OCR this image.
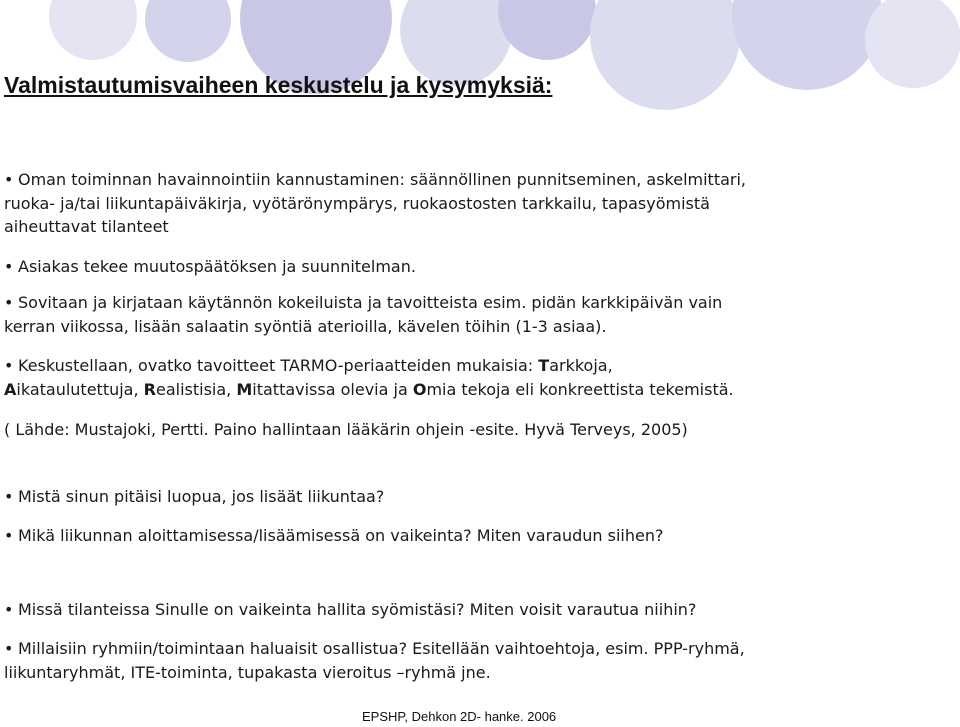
Valmistautumisvaiheen keskustelu ja kysymyksiä:
• Oman toiminnan havainnointiin kannustaminen: säännöllinen punnitseminen, askelmittari,
ruoka- ja/tai liikuntapäiväkirja, vyötärönympärys, ruokaostosten tarkkailu, tapasyömistä
aiheuttavat tilanteet
• Asiakas tekee muutospäätöksen ja suunnitelman.
• Sovitaan ja kirjataan käytännön kokeiluista ja tavoitteista esim. pidän karkkipäivän vain
kerran viikossa, lisään salaatin syöntiä aterioilla, kävelen töihin (1-3 asiaa).
• Keskustellaan, ovatko tavoitteet TARMO-periaatteiden mukaisia: Tarkkoja,
Aikataulutettuja, Realistisia, Mitattavissa olevia ja Omia tekoja eli konkreettista tekemistä.
( Lähde: Mustajoki, Pertti. Paino hallintaan lääkärin ohjein -esite. Hyvä Terveys, 2005)
• Mistä sinun pitäisi luopua, jos lisäät liikuntaa?
• Mikä liikunnan aloittamisessa/lisäämisessä on vaikeinta? Miten varaudun siihen?
• Missä tilanteissa Sinulle on vaikeinta hallita syömistäsi? Miten voisit varautua niihin?
• Millaisiin ryhmiin/toimintaan haluaisit osallistua? Esitellään vaihtoehtoja, esim. PPP-ryhmä,
liikuntaryhmät, ITE-toiminta, tupakasta vieroitus –ryhmä jne.
EPSHP, Dehkon 2D- hanke. 2006
